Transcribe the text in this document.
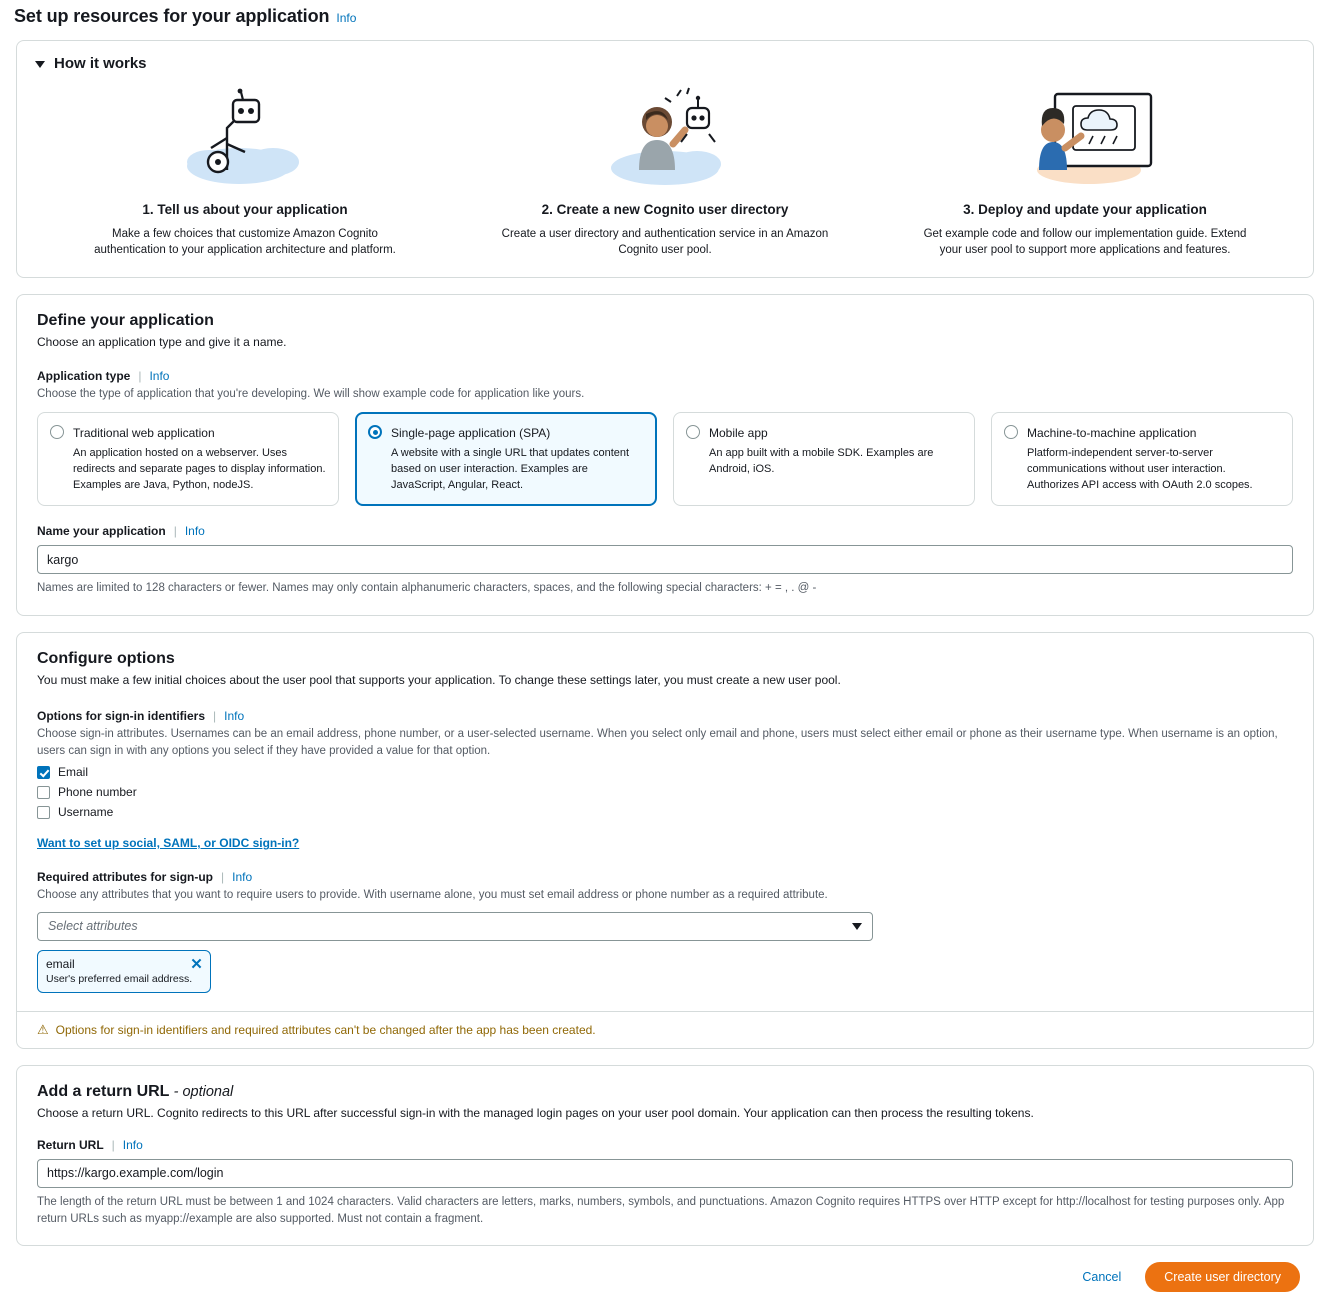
Set up resources for your application Info
How it works
1. Tell us about your application
Make a few choices that customize Amazon Cognito authentication to your application architecture and platform.
2. Create a new Cognito user directory
Create a user directory and authentication service in an Amazon Cognito user pool.
3. Deploy and update your application
Get example code and follow our implementation guide. Extend your user pool to support more applications and features.
Define your application
Choose an application type and give it a name.
Application type | Info
Choose the type of application that you're developing. We will show example code for application like yours.
Traditional web application
An application hosted on a webserver. Uses redirects and separate pages to display information. Examples are Java, Python, nodeJS.
Single-page application (SPA)
A website with a single URL that updates content based on user interaction. Examples are JavaScript, Angular, React.
Mobile app
An app built with a mobile SDK. Examples are Android, iOS.
Machine-to-machine application
Platform-independent server-to-server communications without user interaction. Authorizes API access with OAuth 2.0 scopes.
Name your application | Info
kargo
Names are limited to 128 characters or fewer. Names may only contain alphanumeric characters, spaces, and the following special characters: + = , . @ -
Configure options
You must make a few initial choices about the user pool that supports your application. To change these settings later, you must create a new user pool.
Options for sign-in identifiers | Info
Choose sign-in attributes. Usernames can be an email address, phone number, or a user-selected username. When you select only email and phone, users must select either email or phone as their username type. When username is an option, users can sign in with any options you select if they have provided a value for that option.
Email
Phone number
Username
Want to set up social, SAML, or OIDC sign-in?
Required attributes for sign-up | Info
Choose any attributes that you want to require users to provide. With username alone, you must set email address or phone number as a required attribute.
Select attributes
email
User's preferred email address.
✕
⚠ Options for sign-in identifiers and required attributes can't be changed after the app has been created.
Add a return URL - optional
Choose a return URL. Cognito redirects to this URL after successful sign-in with the managed login pages on your user pool domain. Your application can then process the resulting tokens.
Return URL | Info
https://kargo.example.com/login
The length of the return URL must be between 1 and 1024 characters. Valid characters are letters, marks, numbers, symbols, and punctuations. Amazon Cognito requires HTTPS over HTTP except for http://localhost for testing purposes only. App return URLs such as myapp://example are also supported. Must not contain a fragment.
Cancel	Create user directory
